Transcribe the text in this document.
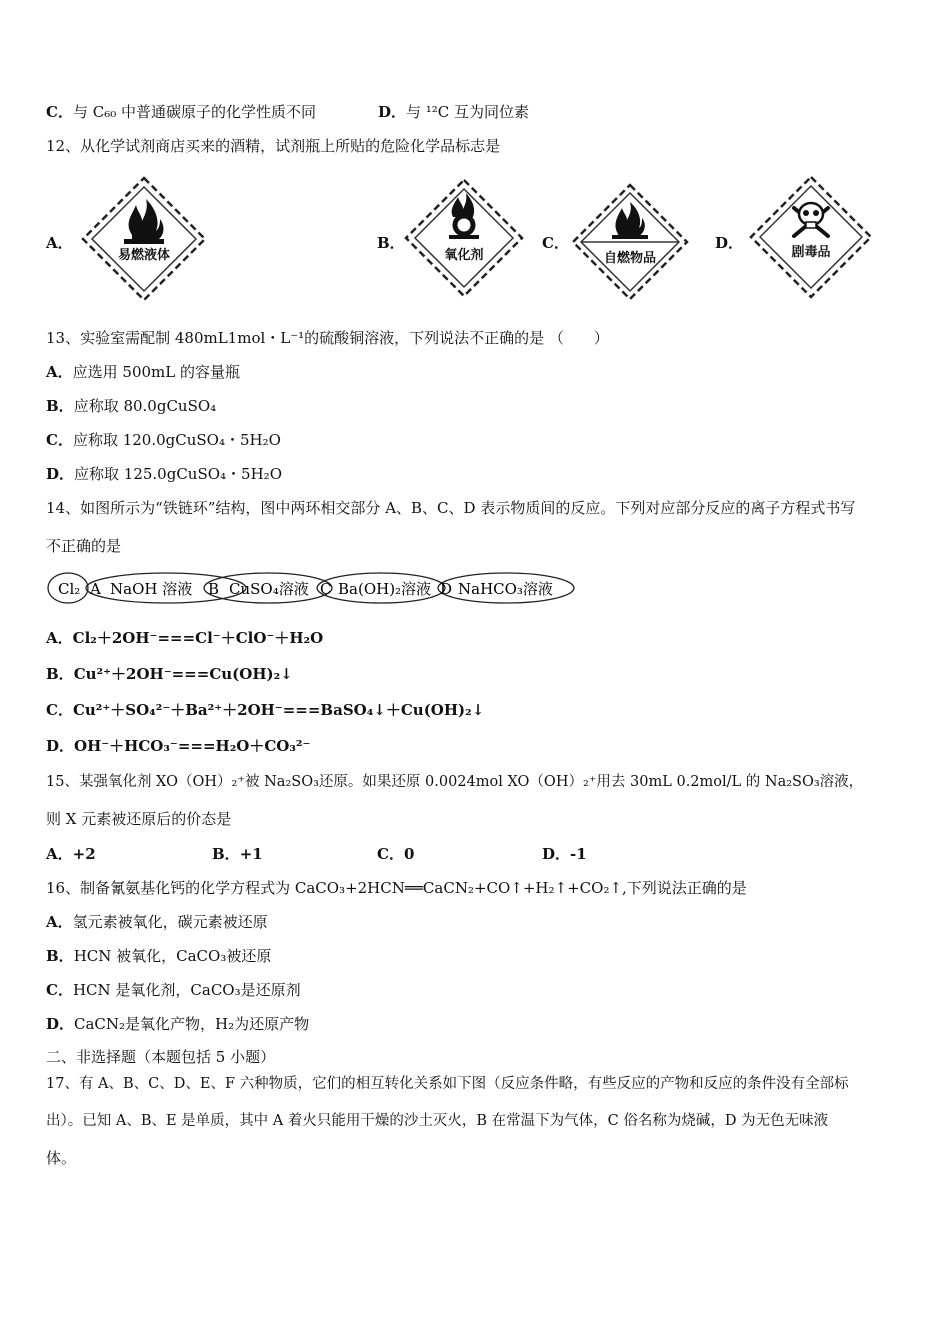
C．与 C₆₀ 中普通碳原子的化学性质不同	D．与 ¹²C 互为同位素
12、从化学试剂商店买来的酒精，试剂瓶上所贴的危险化学品标志是
A．	B．	C．	D．
易燃液体	氧化剂	自燃物品	剧毒品
13、实验室需配制 480mL1mol・L⁻¹的硫酸铜溶液，下列说法不正确的是 （　　）
A．应选用 500mL 的容量瓶
B．应称取 80.0gCuSO₄
C．应称取 120.0gCuSO₄・5H₂O
D．应称取 125.0gCuSO₄・5H₂O
14、如图所示为“铁链环”结构，图中两环相交部分 A、B、C、D 表示物质间的反应。下列对应部分反应的离子方程式书写
不正确的是
Cl₂ NaOH 溶液 CuSO₄溶液 Ba(OH)₂溶液 NaHCO₃溶液
A	B	C	D
A．Cl₂＋2OH⁻===Cl⁻＋ClO⁻＋H₂O
B．Cu²⁺＋2OH⁻===Cu(OH)₂↓
C．Cu²⁺＋SO₄²⁻＋Ba²⁺＋2OH⁻===BaSO₄↓＋Cu(OH)₂↓
D．OH⁻＋HCO₃⁻===H₂O＋CO₃²⁻
15、某强氧化剂 XO（OH）₂⁺被 Na₂SO₃还原。如果还原 0.0024mol XO（OH）₂⁺用去 30mL 0.2mol/L 的 Na₂SO₃溶液，
则 X 元素被还原后的价态是
A．+2	B．+1	C．0	D．-1
16、制备氰氨基化钙的化学方程式为 CaCO₃+2HCN══CaCN₂+CO↑+H₂↑+CO₂↑,下列说法正确的是
A．氢元素被氧化，碳元素被还原
B．HCN 被氧化，CaCO₃被还原
C．HCN 是氧化剂，CaCO₃是还原剂
D．CaCN₂是氧化产物，H₂为还原产物
二、非选择题（本题包括 5 小题）
17、有 A、B、C、D、E、F 六种物质，它们的相互转化关系如下图（反应条件略，有些反应的产物和反应的条件没有全部标
出）。已知 A、B、E 是单质，其中 A 着火只能用干燥的沙土灭火，B 在常温下为气体，C 俗名称为烧碱，D 为无色无味液
体。
